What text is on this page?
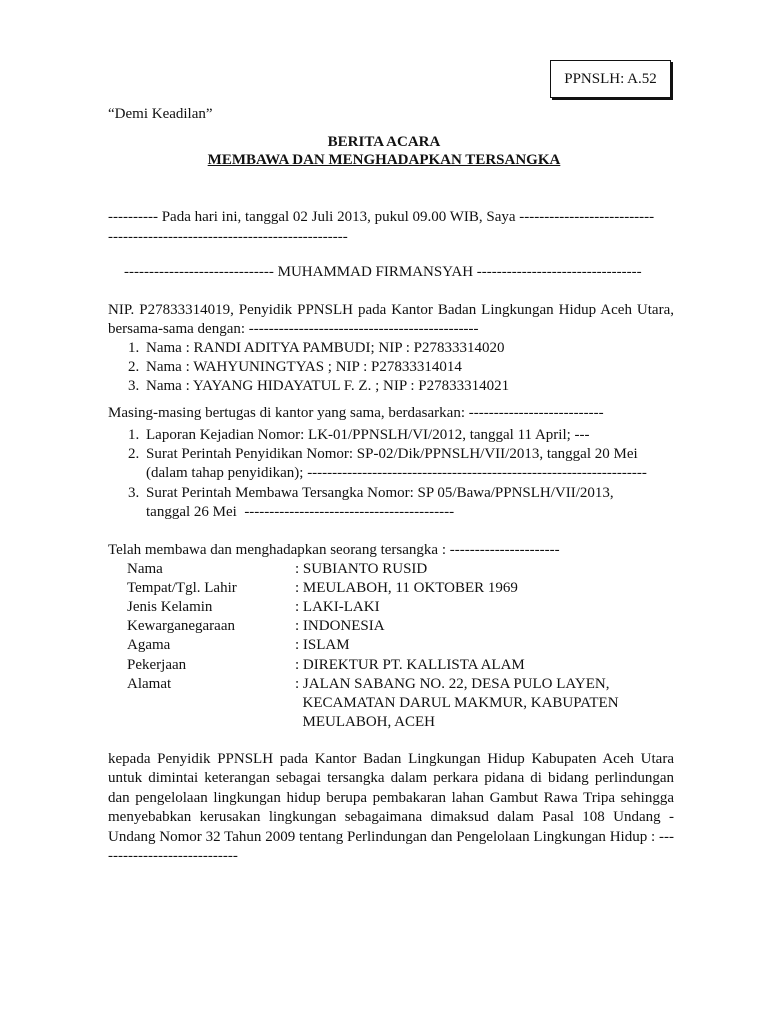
PPNSLH: A.52
“Demi Keadilan”
BERITA ACARA
MEMBAWA DAN MENGHADAPKAN TERSANGKA
---------- Pada hari ini, tanggal 02 Juli 2013, pukul 09.00 WIB, Saya ---------------------------
------------------------------------------------
------------------------------ MUHAMMAD FIRMANSYAH ---------------------------------
NIP. P27833314019, Penyidik PPNSLH pada Kantor Badan Lingkungan Hidup Aceh Utara, bersama-sama dengan: ----------------------------------------------
1. Nama : RANDI ADITYA PAMBUDI; NIP : P27833314020
2. Nama : WAHYUNINGTYAS ; NIP : P27833314014
3. Nama : YAYANG HIDAYATUL F. Z. ; NIP : P27833314021
Masing-masing bertugas di kantor yang sama, berdasarkan: ---------------------------
1. Laporan Kejadian Nomor: LK-01/PPNSLH/VI/2012, tanggal 11 April; ---
2. Surat Perintah Penyidikan Nomor: SP-02/Dik/PPNSLH/VII/2013, tanggal 20 Mei
(dalam tahap penyidikan); --------------------------------------------------------------------
3. Surat Perintah Membawa Tersangka Nomor: SP 05/Bawa/PPNSLH/VII/2013,
tanggal 26 Mei  ------------------------------------------
Telah membawa dan menghadapkan seorang tersangka : ----------------------
Nama	: SUBIANTO RUSID
Tempat/Tgl. Lahir	: MEULABOH, 11 OKTOBER 1969
Jenis Kelamin	: LAKI-LAKI
Kewarganegaraan	: INDONESIA
Agama	: ISLAM
Pekerjaan	: DIREKTUR PT. KALLISTA ALAM
Alamat	: JALAN SABANG NO. 22, DESA PULO LAYEN,
KECAMATAN DARUL MAKMUR, KABUPATEN
MEULABOH, ACEH
kepada Penyidik PPNSLH pada Kantor Badan Lingkungan Hidup Kabupaten Aceh Utara untuk dimintai keterangan sebagai tersangka dalam perkara pidana di bidang perlindungan dan pengelolaan lingkungan hidup berupa pembakaran lahan Gambut Rawa Tripa sehingga menyebabkan kerusakan lingkungan sebagaimana dimaksud dalam Pasal 108 Undang -Undang Nomor 32 Tahun 2009 tentang Perlindungan dan Pengelolaan Lingkungan Hidup : -----------------------------
